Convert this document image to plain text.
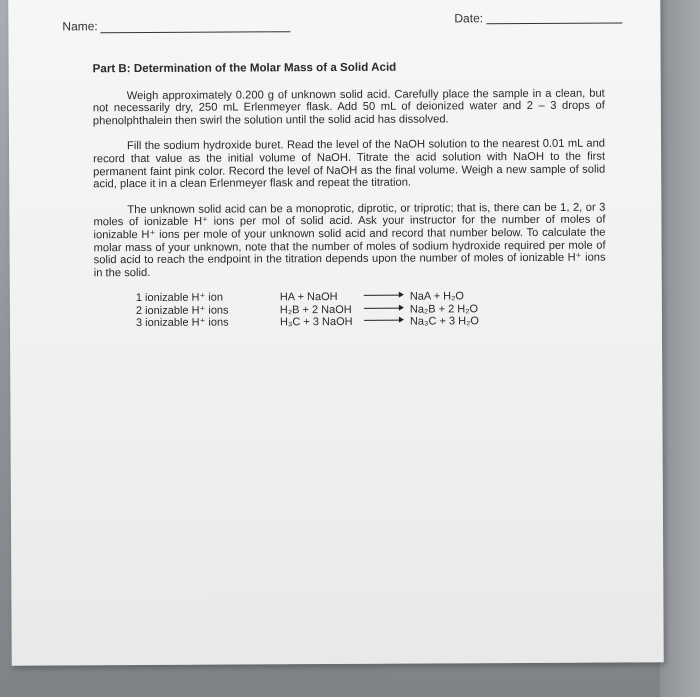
Name:
Date:
Part B: Determination of the Molar Mass of a Solid Acid

Weigh approximately 0.200 g of unknown solid acid. Carefully place the sample in a clean, but not necessarily dry, 250 mL Erlenmeyer flask. Add 50 mL of deionized water and 2 – 3 drops of phenolphthalein then swirl the solution until the solid acid has dissolved.

Fill the sodium hydroxide buret. Read the level of the NaOH solution to the nearest 0.01 mL and record that value as the initial volume of NaOH. Titrate the acid solution with NaOH to the first permanent faint pink color. Record the level of NaOH as the final volume. Weigh a new sample of solid acid, place it in a clean Erlenmeyer flask and repeat the titration.

The unknown solid acid can be a monoprotic, diprotic, or triprotic; that is, there can be 1, 2, or 3 moles of ionizable H⁺ ions per mol of solid acid. Ask your instructor for the number of moles of ionizable H⁺ ions per mole of your unknown solid acid and record that number below. To calculate the molar mass of your unknown, note that the number of moles of sodium hydroxide required per mole of solid acid to reach the endpoint in the titration depends upon the number of moles of ionizable H⁺ ions in the solid.

1 ionizable H⁺ ion	HA + NaOH		NaA + H₂O
2 ionizable H⁺ ions	H₂B + 2 NaOH		Na₂B + 2 H₂O
3 ionizable H⁺ ions	H₃C + 3 NaOH		Na₃C + 3 H₂O
